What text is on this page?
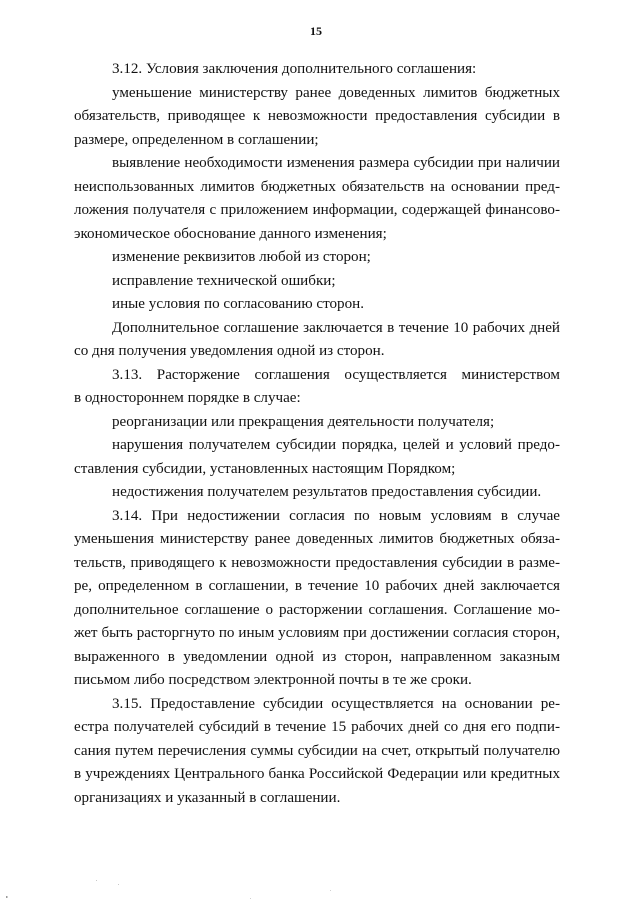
15
3.12. Условия заключения дополнительного соглашения:
уменьшение министерству ранее доведенных лимитов бюджетных
обязательств, приводящее к невозможности предоставления субсидии в
размере, определенном в соглашении;
выявление необходимости изменения размера субсидии при наличии
неиспользованных лимитов бюджетных обязательств на основании пред-
ложения получателя с приложением информации, содержащей финансово-
экономическое обоснование данного изменения;
изменение реквизитов любой из сторон;
исправление технической ошибки;
иные условия по согласованию сторон.
Дополнительное соглашение заключается в течение 10 рабочих дней
со дня получения уведомления одной из сторон.
3.13. Расторжение соглашения осуществляется министерством
в одностороннем порядке в случае:
реорганизации или прекращения деятельности получателя;
нарушения получателем субсидии порядка, целей и условий предо-
ставления субсидии, установленных настоящим Порядком;
недостижения получателем результатов предоставления субсидии.
3.14. При недостижении согласия по новым условиям в случае
уменьшения министерству ранее доведенных лимитов бюджетных обяза-
тельств, приводящего к невозможности предоставления субсидии в разме-
ре, определенном в соглашении, в течение 10 рабочих дней заключается
дополнительное соглашение о расторжении соглашения. Соглашение мо-
жет быть расторгнуто по иным условиям при достижении согласия сторон,
выраженного в уведомлении одной из сторон, направленном заказным
письмом либо посредством электронной почты в те же сроки.
3.15. Предоставление субсидии осуществляется на основании ре-
естра получателей субсидий в течение 15 рабочих дней со дня его подпи-
сания путем перечисления суммы субсидии на счет, открытый получателю
в учреждениях Центрального банка Российской Федерации или кредитных
организациях и указанный в соглашении.
